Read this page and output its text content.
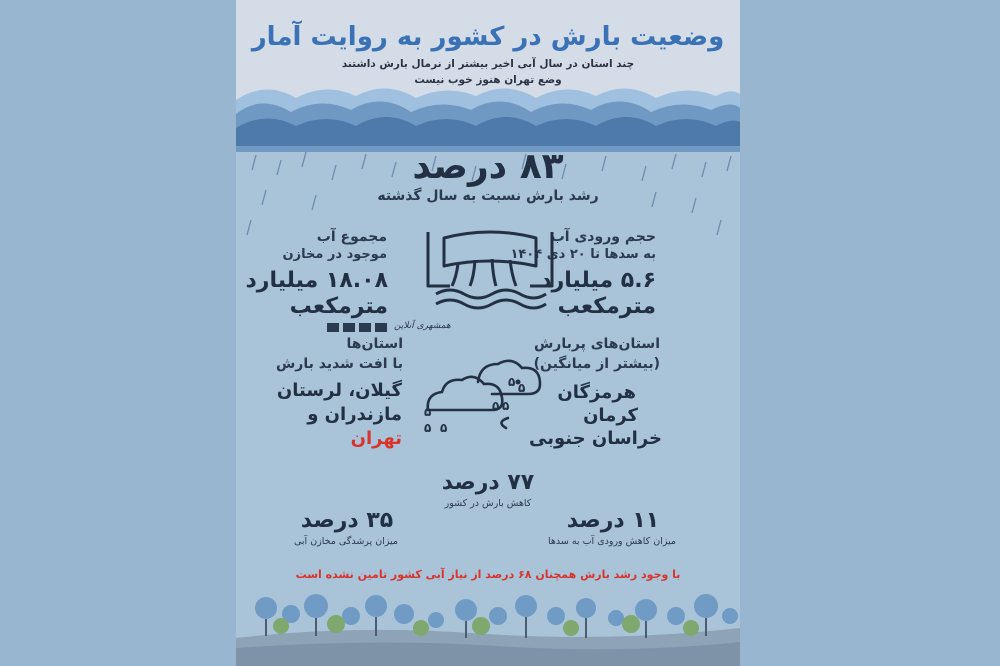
وضعیت بارش در کشور به روایت آمار
چند استان در سال آبی اخیر بیشتر از نرمال بارش داشتند
وضع تهران هنوز خوب نیست
۸۳ درصد
رشد بارش نسبت به سال گذشته
مجموع آب
موجود در مخازن
۱۸.۰۸ میلیارد
مترمکعب
حجم ورودی آب
به سدها تا ۲۰ دی ۱۴۰۴
۵.۶ میلیارد
مترمکعب
همشهری آنلاین
استان‌ها
با افت شدید بارش
گیلان، لرستان
مازندران و
تهران
۵ ۵
۵ ۵
۵ ۵
۵
استان‌های پربارش
(بیشتر از میانگین)
هرمزگان
کرمان
خراسان جنوبی
۷۷ درصد
کاهش بارش در کشور
۳۵ درصد
میزان پرشدگی مخازن آبی
۱۱ درصد
میزان کاهش ورودی آب به سدها
با وجود رشد بارش همچنان ۶۸ درصد از نیاز آبی کشور تامین نشده است
